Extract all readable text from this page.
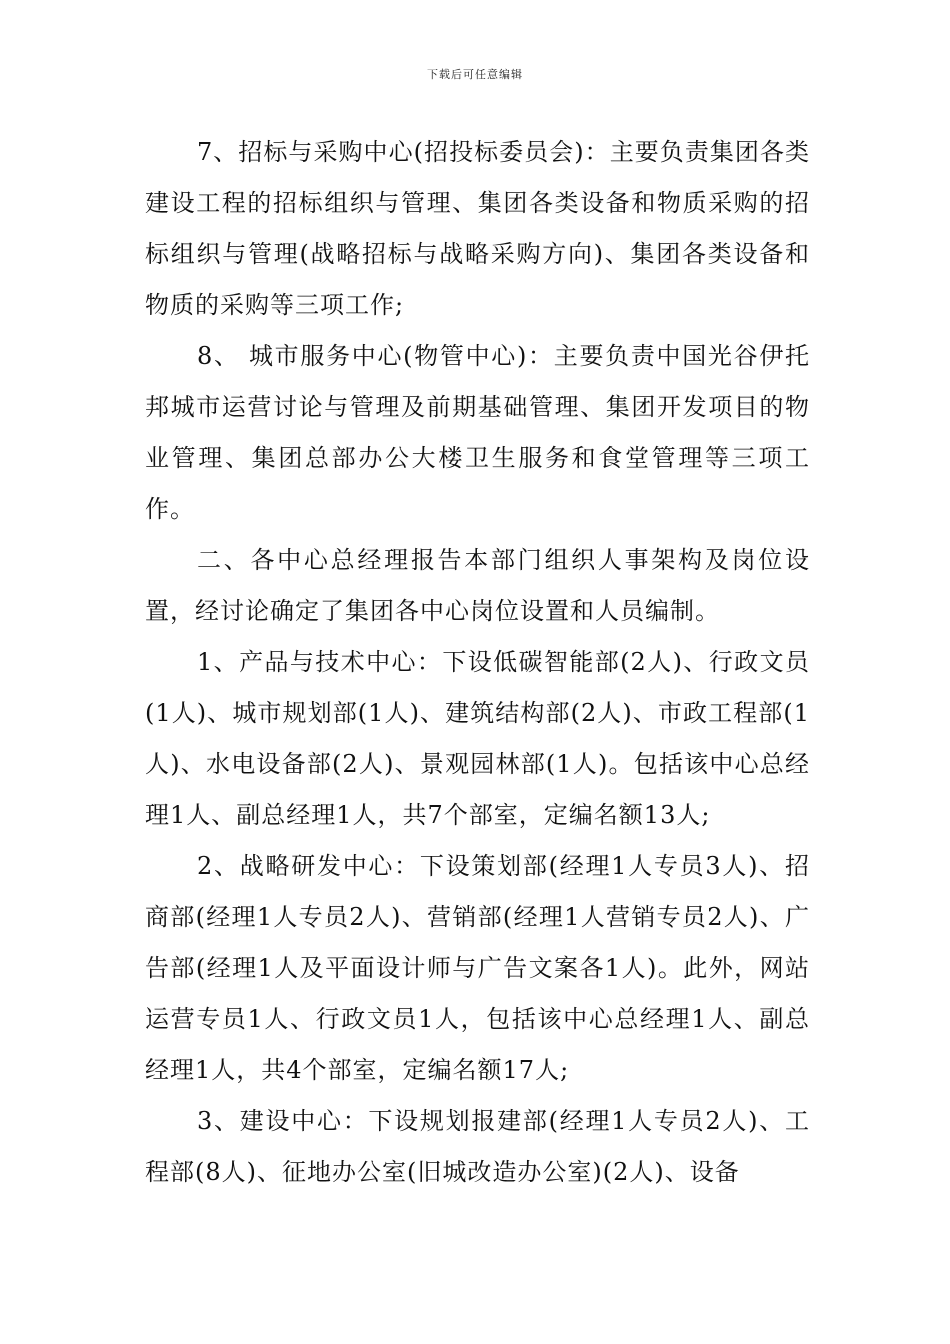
下载后可任意编辑

7、招标与采购中心(招投标委员会)：主要负责集团各类建设工程的招标组织与管理、集团各类设备和物质采购的招标组织与管理(战略招标与战略采购方向)、集团各类设备和物质的采购等三项工作;

8、 城市服务中心(物管中心)：主要负责中国光谷伊托邦城市运营讨论与管理及前期基础管理、集团开发项目的物业管理、集团总部办公大楼卫生服务和食堂管理等三项工作。

二、各中心总经理报告本部门组织人事架构及岗位设置，经讨论确定了集团各中心岗位设置和人员编制。

1、产品与技术中心：下设低碳智能部(2人)、行政文员(1人)、城市规划部(1人)、建筑结构部(2人)、市政工程部(1人)、水电设备部(2人)、景观园林部(1人)。包括该中心总经理1人、副总经理1人，共7个部室，定编名额13人;

2、战略研发中心：下设策划部(经理1人专员3人)、招商部(经理1人专员2人)、营销部(经理1人营销专员2人)、广告部(经理1人及平面设计师与广告文案各1人)。此外，网站运营专员1人、行政文员1人，包括该中心总经理1人、副总经理1人，共4个部室，定编名额17人;

3、建设中心：下设规划报建部(经理1人专员2人)、工程部(8人)、征地办公室(旧城改造办公室)(2人)、设备
